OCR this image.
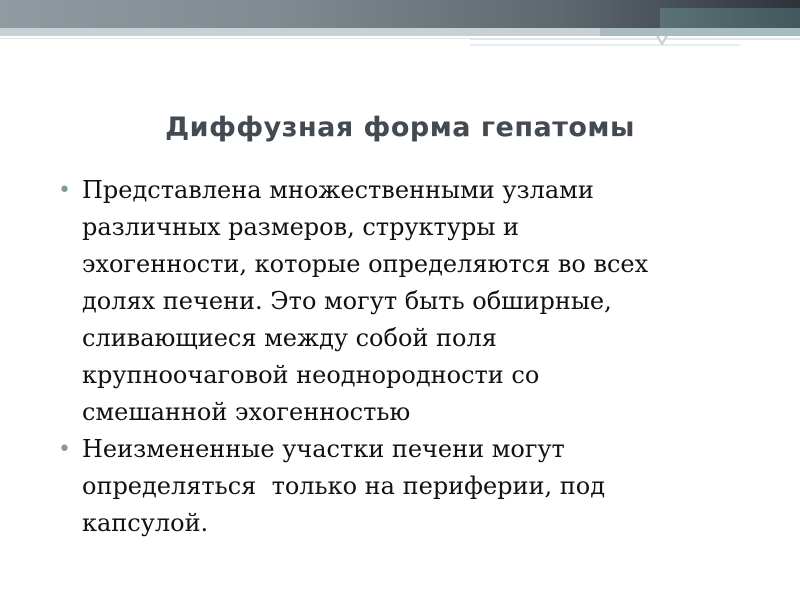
Диффузная форма гепатомы
• Представлена множественными узлами
различных размеров, структуры и
эхогенности, которые определяются во всех
долях печени. Это могут быть обширные,
сливающиеся между собой поля
крупноочаговой неоднородности со
смешанной эхогенностью
• Неизмененные участки печени могут
определяться  только на периферии, под
капсулой.
